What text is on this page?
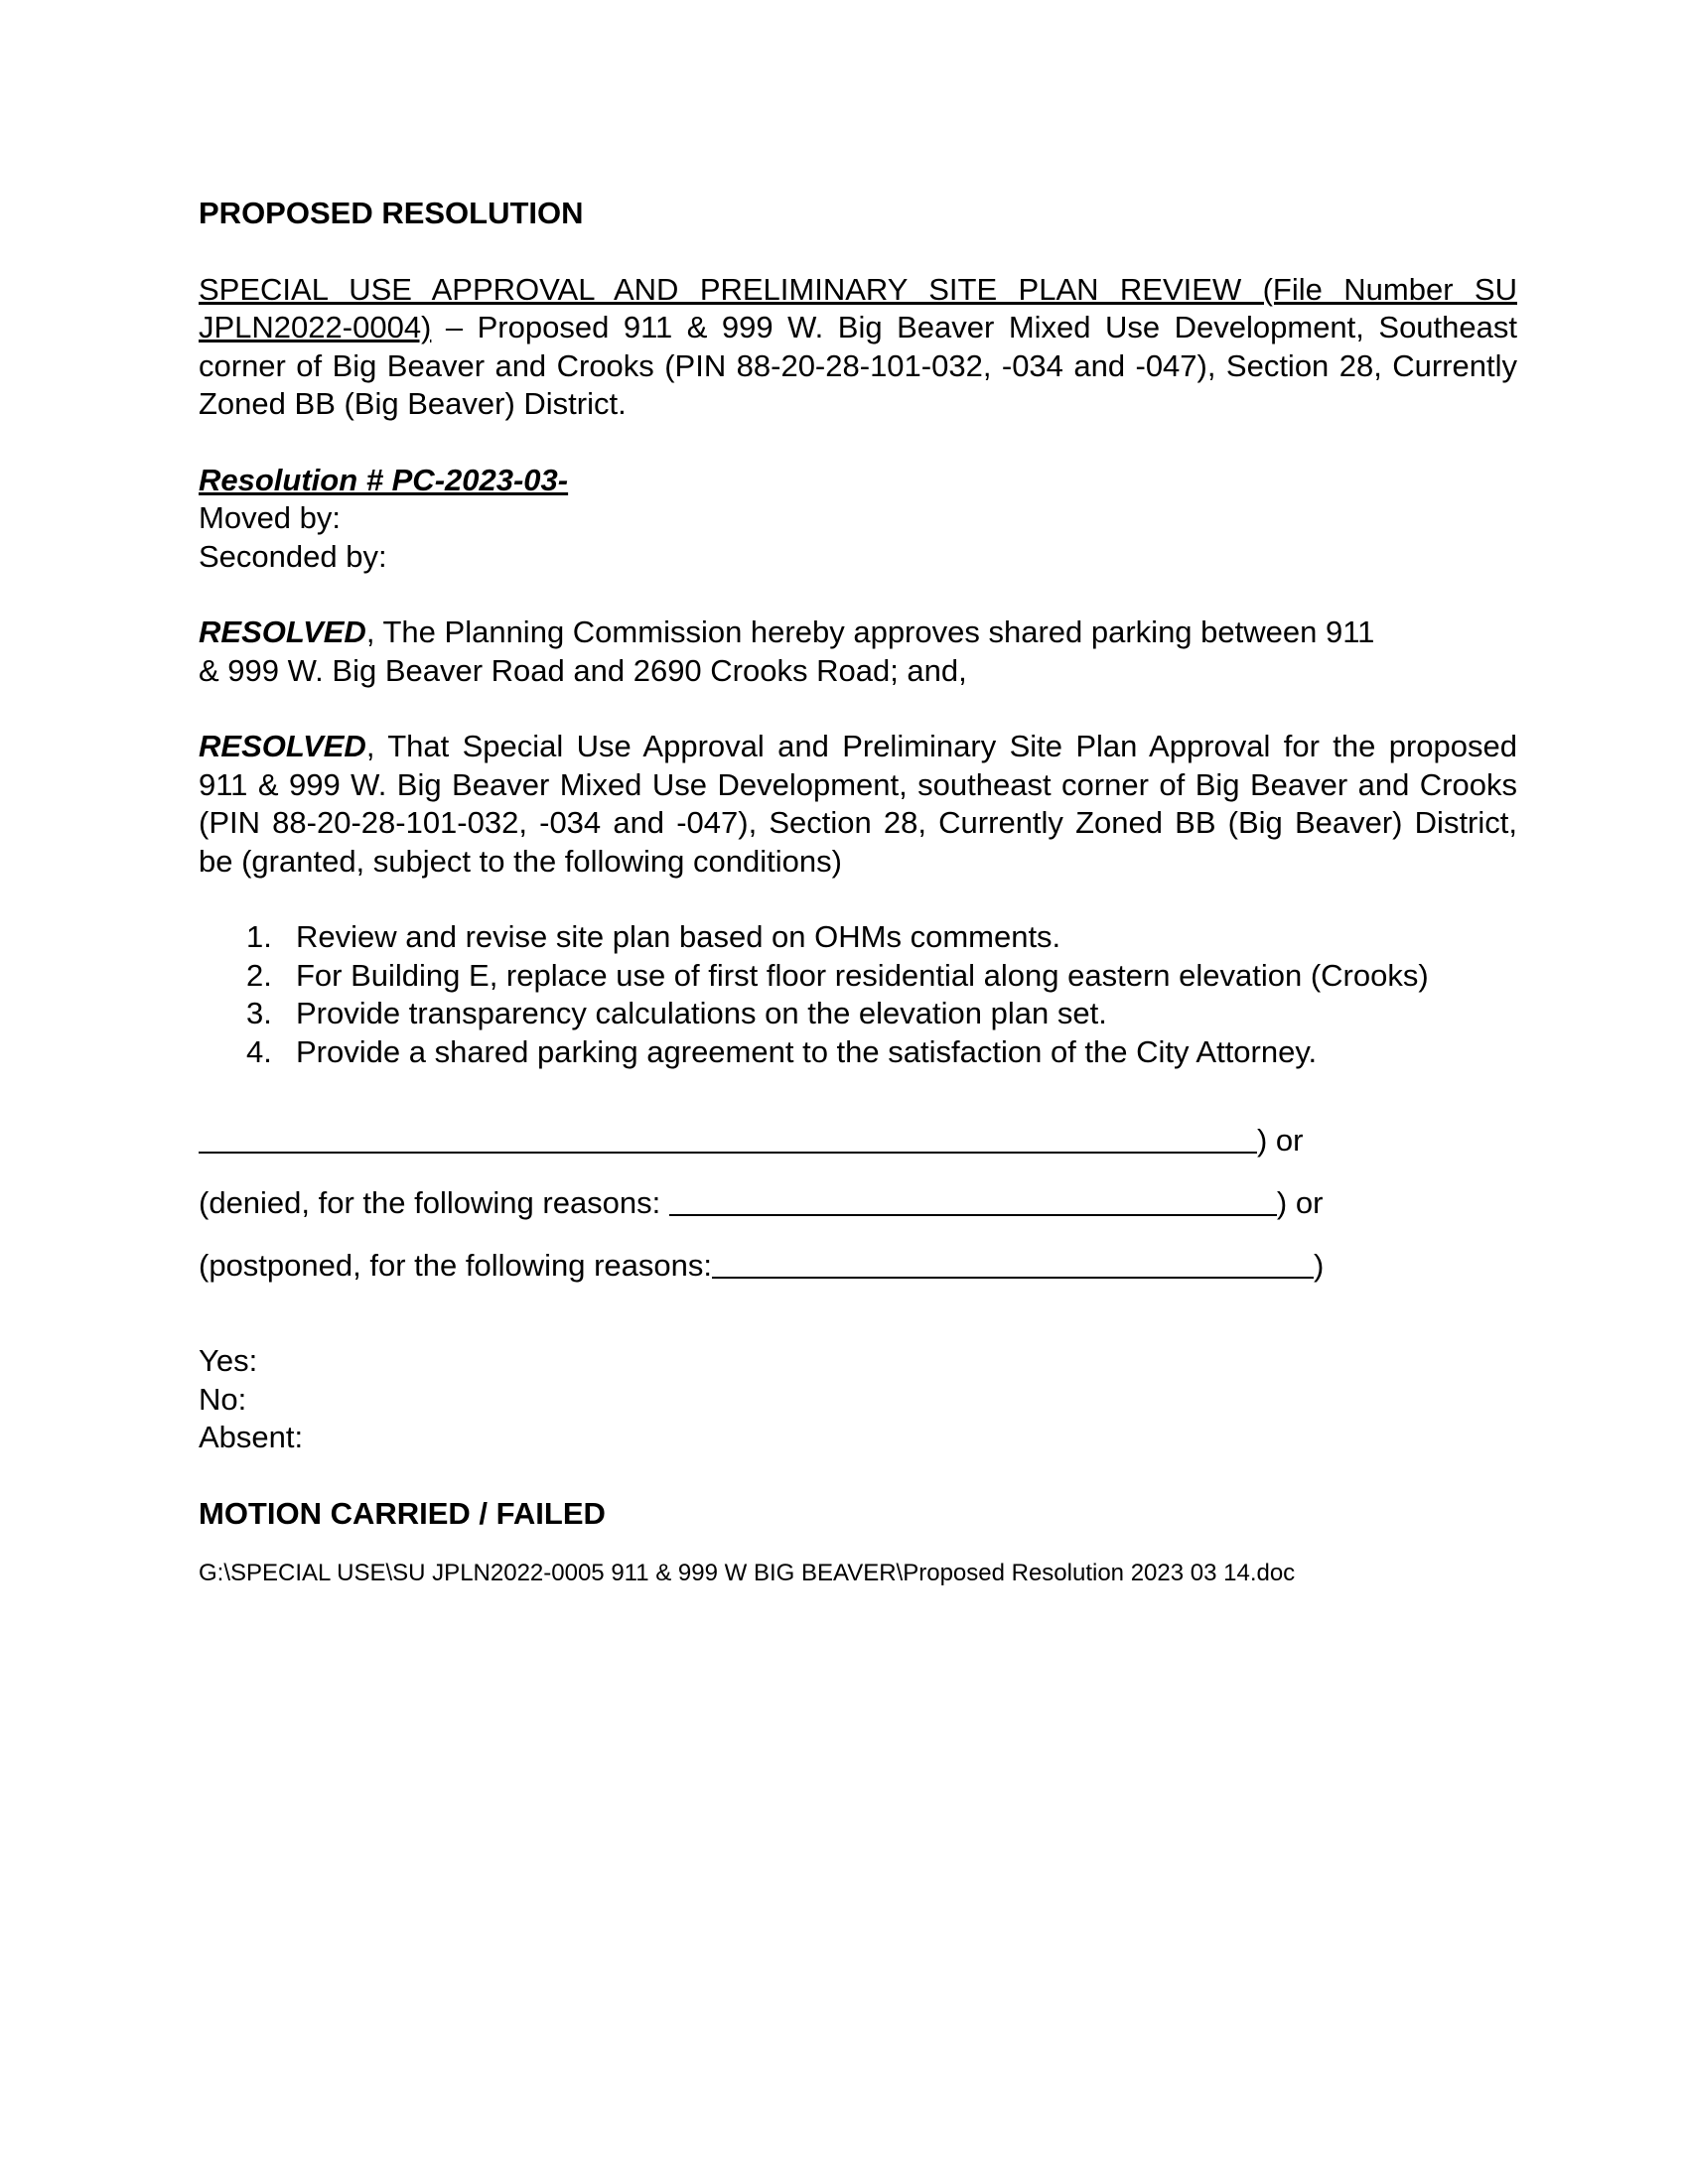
PROPOSED RESOLUTION
SPECIAL USE APPROVAL AND PRELIMINARY SITE PLAN REVIEW (File Number SU JPLN2022-0004) – Proposed 911 & 999 W. Big Beaver Mixed Use Development, Southeast corner of Big Beaver and Crooks (PIN 88-20-28-101-032, -034 and -047), Section 28, Currently Zoned BB (Big Beaver) District.
Resolution # PC-2023-03-
Moved by:
Seconded by:
RESOLVED, The Planning Commission hereby approves shared parking between 911
& 999 W. Big Beaver Road and 2690 Crooks Road; and,
RESOLVED, That Special Use Approval and Preliminary Site Plan Approval for the proposed 911 & 999 W. Big Beaver Mixed Use Development, southeast corner of Big Beaver and Crooks (PIN 88-20-28-101-032, -034 and -047), Section 28, Currently Zoned BB (Big Beaver) District, be (granted, subject to the following conditions)
1. Review and revise site plan based on OHMs comments.
2. For Building E, replace use of first floor residential along eastern elevation (Crooks)
3. Provide transparency calculations on the elevation plan set.
4. Provide a shared parking agreement to the satisfaction of the City Attorney.
) or
(denied, for the following reasons:	) or
(postponed, for the following reasons:	)
Yes:
No:
Absent:
MOTION CARRIED / FAILED
G:\SPECIAL USE\SU JPLN2022-0005 911 & 999 W BIG BEAVER\Proposed Resolution 2023 03 14.doc
